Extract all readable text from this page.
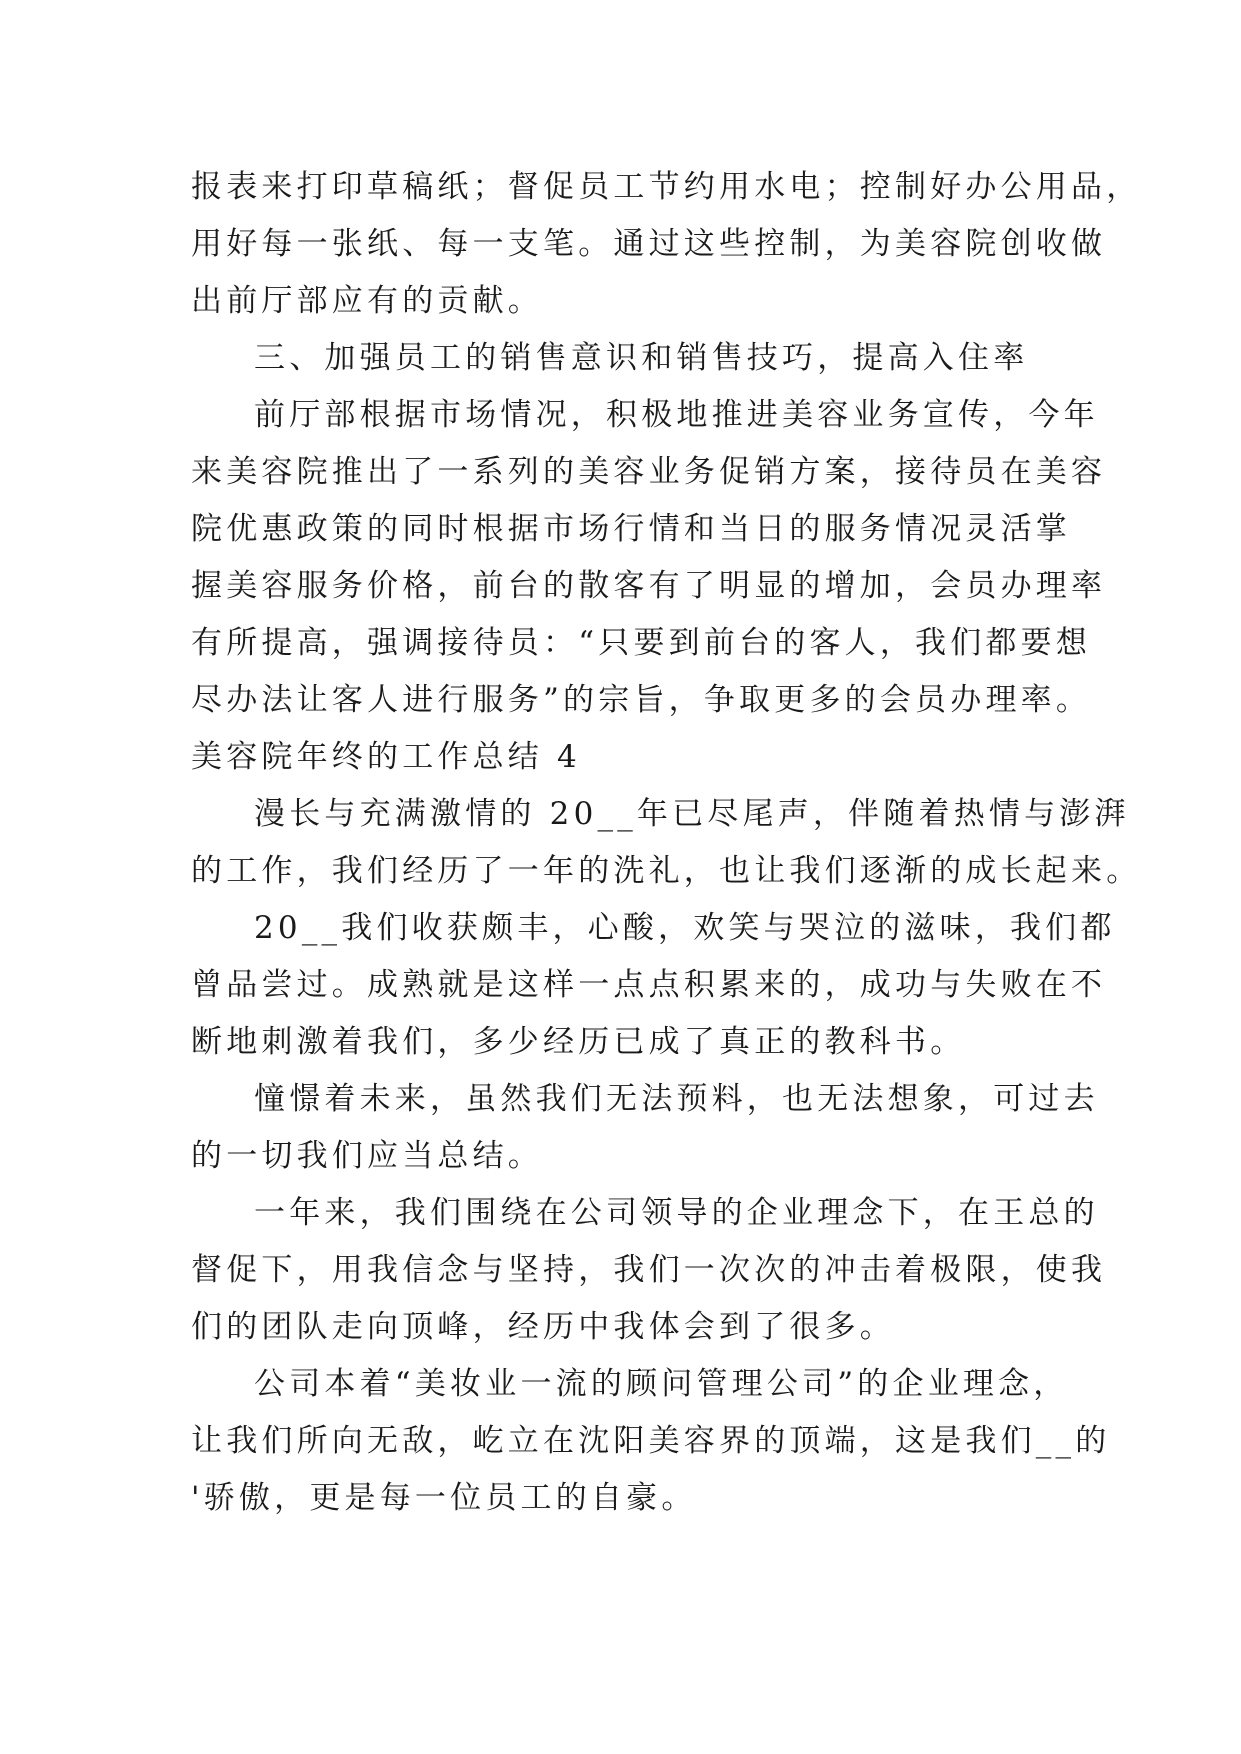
报表来打印草稿纸；督促员工节约用水电；控制好办公用品，
用好每一张纸、每一支笔。通过这些控制，为美容院创收做
出前厅部应有的贡献。
三、加强员工的销售意识和销售技巧，提高入住率
前厅部根据市场情况，积极地推进美容业务宣传，今年
来美容院推出了一系列的美容业务促销方案，接待员在美容
院优惠政策的同时根据市场行情和当日的服务情况灵活掌
握美容服务价格，前台的散客有了明显的增加，会员办理率
有所提高，强调接待员：“只要到前台的客人，我们都要想
尽办法让客人进行服务”的宗旨，争取更多的会员办理率。
美容院年终的工作总结 4
漫长与充满激情的 20__年已尽尾声，伴随着热情与澎湃
的工作，我们经历了一年的洗礼，也让我们逐渐的成长起来。
20__我们收获颇丰，心酸，欢笑与哭泣的滋味，我们都
曾品尝过。成熟就是这样一点点积累来的，成功与失败在不
断地刺激着我们，多少经历已成了真正的教科书。
憧憬着未来，虽然我们无法预料，也无法想象，可过去
的一切我们应当总结。
一年来，我们围绕在公司领导的企业理念下，在王总的
督促下，用我信念与坚持，我们一次次的冲击着极限，使我
们的团队走向顶峰，经历中我体会到了很多。
公司本着“美妆业一流的顾问管理公司”的企业理念，
让我们所向无敌，屹立在沈阳美容界的顶端，这是我们__的
'骄傲，更是每一位员工的自豪。
